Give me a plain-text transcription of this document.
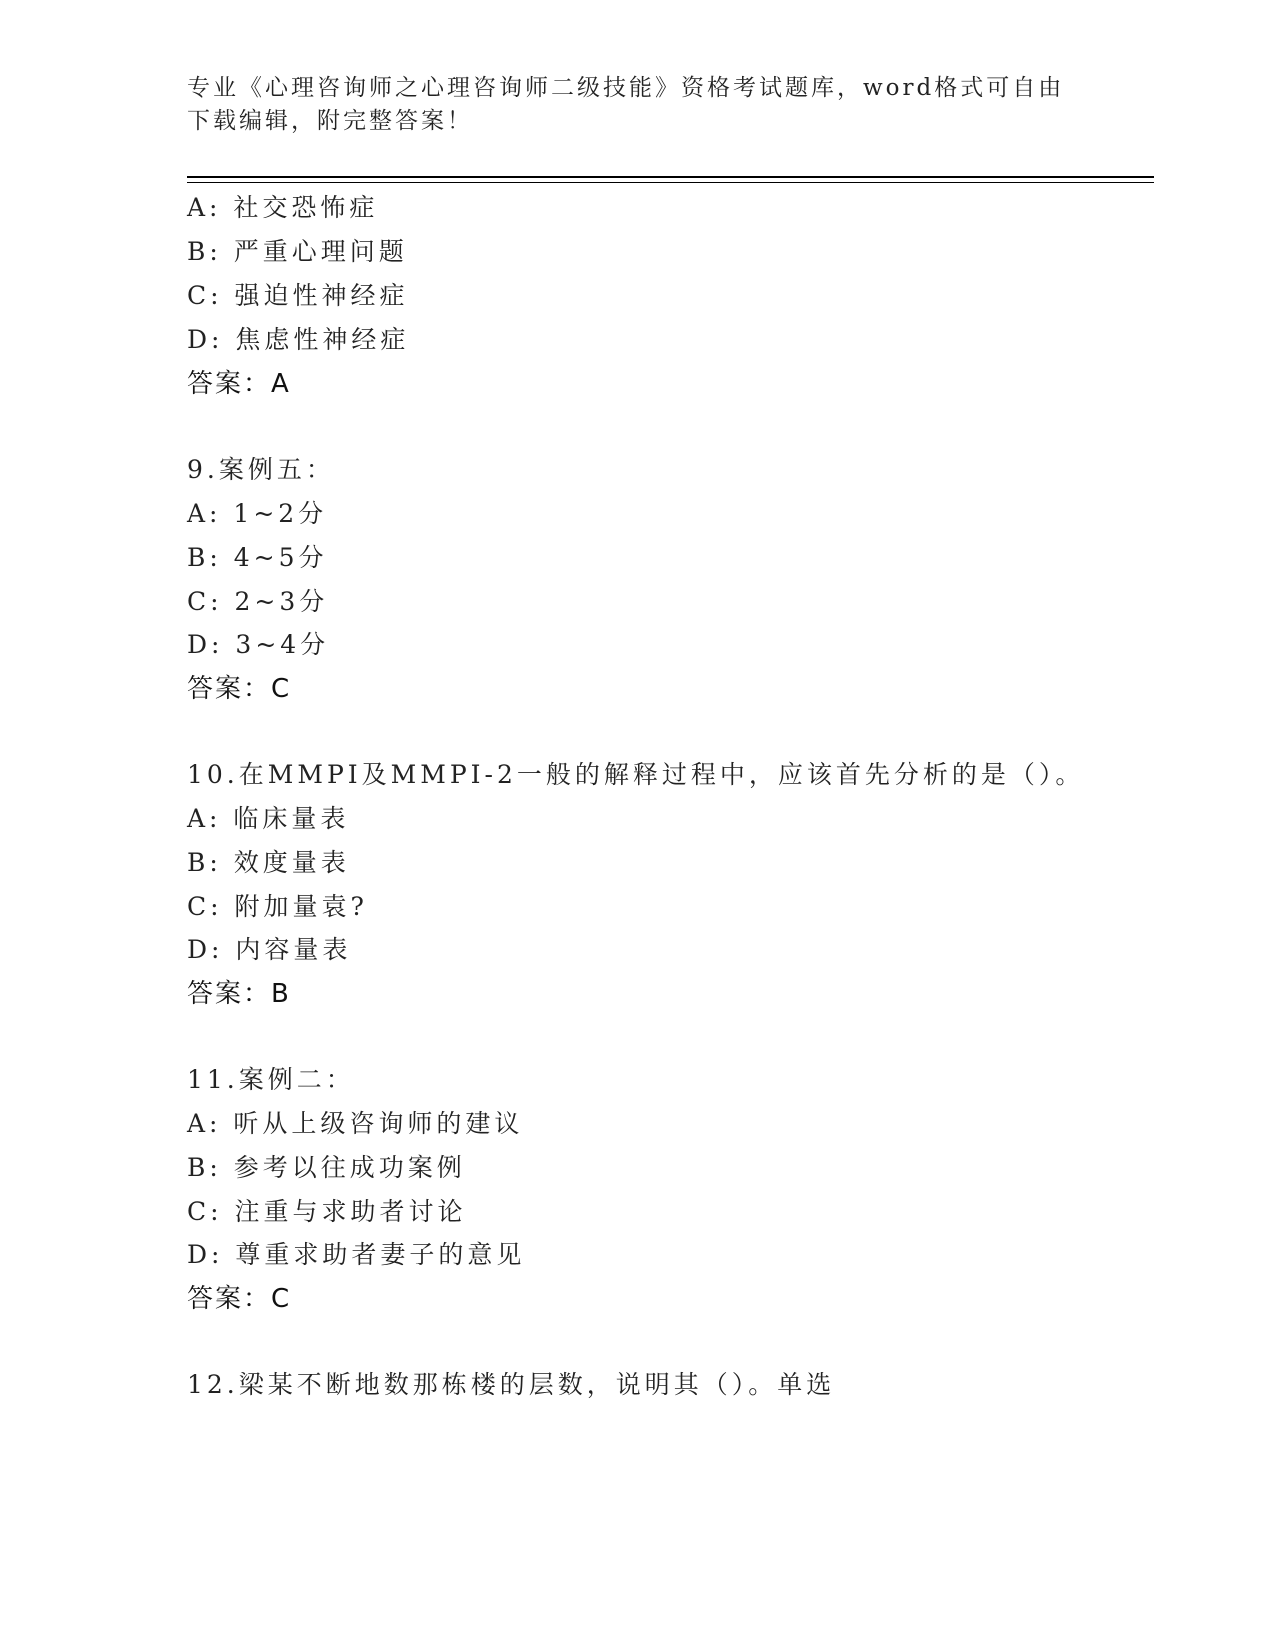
专业《心理咨询师之心理咨询师二级技能》资格考试题库，word格式可自由下载编辑，附完整答案！
A: 社交恐怖症
B: 严重心理问题
C: 强迫性神经症
D: 焦虑性神经症
答案：A
9.案例五：
A: 1~2分
B: 4~5分
C: 2~3分
D: 3~4分
答案：C
10.在MMPI及MMPI-2一般的解释过程中，应该首先分析的是（）。
A: 临床量表
B: 效度量表
C: 附加量袁?
D: 内容量表
答案：B
11.案例二：
A: 听从上级咨询师的建议
B: 参考以往成功案例
C: 注重与求助者讨论
D: 尊重求助者妻子的意见
答案：C
12.梁某不断地数那栋楼的层数，说明其（）。单选
